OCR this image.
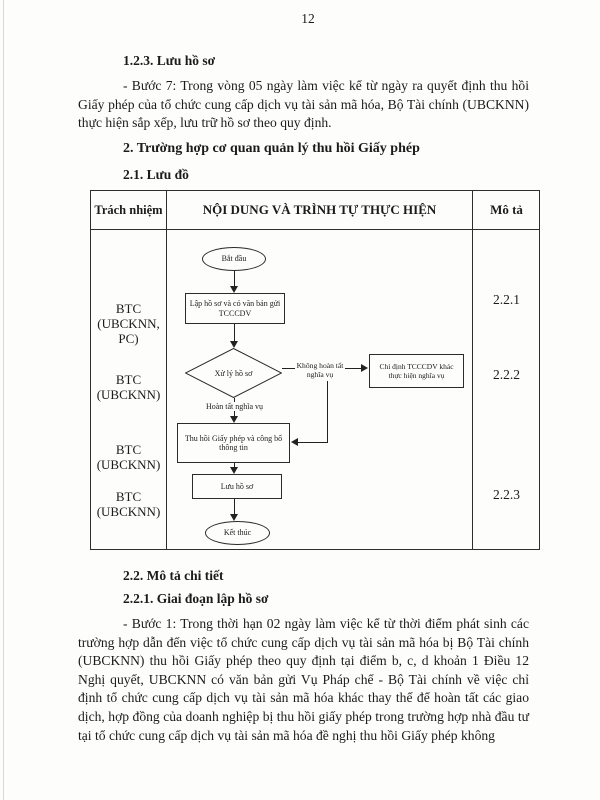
12
1.2.3. Lưu hồ sơ
- Bước 7: Trong vòng 05 ngày làm việc kể từ ngày ra quyết định thu hồi Giấy phép của tổ chức cung cấp dịch vụ tài sản mã hóa, Bộ Tài chính (UBCKNN) thực hiện sắp xếp, lưu trữ hồ sơ theo quy định.
2. Trường hợp cơ quan quản lý thu hồi Giấy phép
2.1. Lưu đồ
Trách nhiệm	NỘI DUNG VÀ TRÌNH TỰ THỰC HIỆN	Mô tả
BTC (UBCKNN, PC)
BTC (UBCKNN)
BTC (UBCKNN)
BTC (UBCKNN)
2.2.1
2.2.2
2.2.3
Bắt đầu
Lập hồ sơ và có văn bản gửi TCCCDV
Xử lý hồ sơ
Không hoàn tất nghĩa vụ
Chỉ định TCCCDV khác thực hiện nghĩa vụ
Hoàn tất nghĩa vụ
Thu hồi Giấy phép và công bố thông tin
Lưu hồ sơ
Kết thúc
2.2. Mô tả chi tiết
2.2.1. Giai đoạn lập hồ sơ
- Bước 1: Trong thời hạn 02 ngày làm việc kể từ thời điểm phát sinh các trường hợp dẫn đến việc tổ chức cung cấp dịch vụ tài sản mã hóa bị Bộ Tài chính (UBCKNN) thu hồi Giấy phép theo quy định tại điểm b, c, d khoản 1 Điều 12 Nghị quyết, UBCKNN có văn bản gửi Vụ Pháp chế - Bộ Tài chính về việc chỉ định tổ chức cung cấp dịch vụ tài sản mã hóa khác thay thế để hoàn tất các giao dịch, hợp đồng của doanh nghiệp bị thu hồi giấy phép trong trường hợp nhà đầu tư tại tổ chức cung cấp dịch vụ tài sản mã hóa đề nghị thu hồi Giấy phép không
